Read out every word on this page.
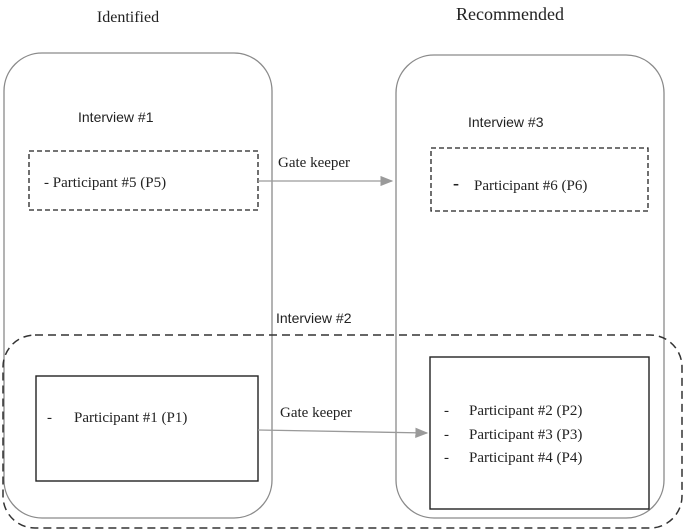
Identified	Recommended
Interview #1	Interview #3
Interview #2
- Participant #5 (P5)	- Participant #6 (P6)
Gate keeper
- Participant #1 (P1)	Gate keeper	- Participant #2 (P2)
- Participant #3 (P3)
- Participant #4 (P4)
